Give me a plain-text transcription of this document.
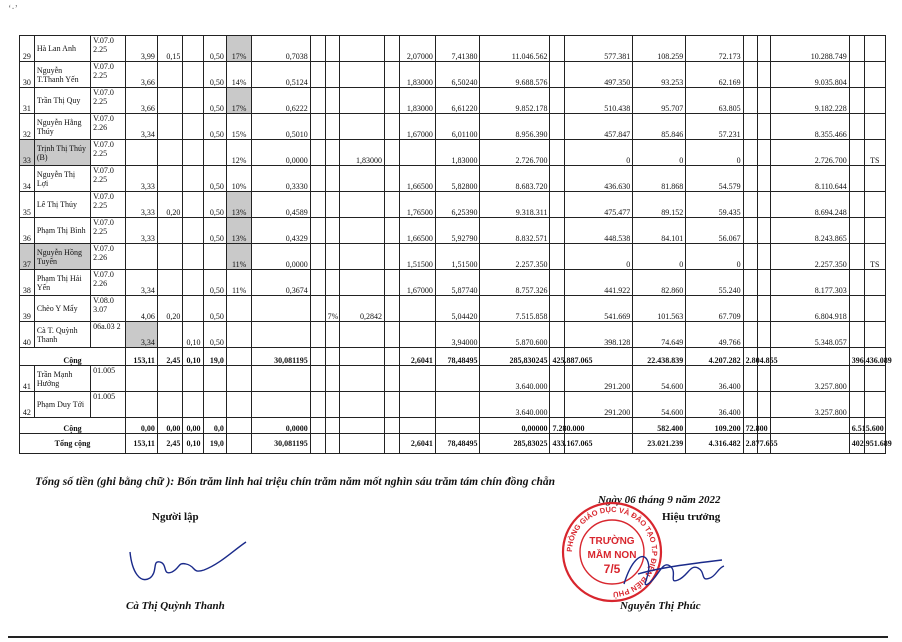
‘·’
29	Hà Lan Anh	V.07.0 2.25	3,99	0,15		0,50	17%	0,7038					2,07000	7,41380	11.046.562		577.381	108.259	72.173			10.288.749		
30	Nguyễn T.Thanh Yến	V.07.0 2.25	3,66			0,50	14%	0,5124					1,83000	6,50240	9.688.576		497.350	93.253	62.169			9.035.804		
31	Trần Thị Quy	V.07.0 2.25	3,66			0,50	17%	0,6222					1,83000	6,61220	9.852.178		510.438	95.707	63.805			9.182.228		
32	Nguyễn Hằng Thúy	V.07.0 2.26	3,34			0,50	15%	0,5010					1,67000	6,01100	8.956.390		457.847	85.846	57.231			8.355.466		
33	Trịnh Thị Thúy (B)	V.07.0 2.25					12%	0,0000			1,83000			1,83000	2.726.700		0	0	0			2.726.700		TS
34	Nguyễn Thị Lợi	V.07.0 2.25	3,33			0,50	10%	0,3330					1,66500	5,82800	8.683.720		436.630	81.868	54.579			8.110.644		
35	Lê Thị Thủy	V.07.0 2.25	3,33	0,20		0,50	13%	0,4589					1,76500	6,25390	9.318.311		475.477	89.152	59.435			8.694.248		
36	Phạm Thị Bình	V.07.0 2.25	3,33			0,50	13%	0,4329					1,66500	5,92790	8.832.571		448.538	84.101	56.067			8.243.865		
37	Nguyễn Hồng Tuyến	V.07.0 2.26					11%	0,0000					1,51500	1,51500	2.257.350		0	0	0			2.257.350		TS
38	Phạm Thị Hải Yến	V.07.0 2.26	3,34			0,50	11%	0,3674					1,67000	5,87740	8.757.326		441.922	82.860	55.240			8.177.303		
39	Chèo Y Mẩy	V.08.0 3.07	4,06	0,20		0,50				7%	0,2842			5,04420	7.515.858		541.669	101.563	67.709			6.804.918		
40	Cà T. Quỳnh Thanh	06a.03 2	3,34		0,10	0,50								3,94000	5.870.600		398.128	74.649	49.766			5.348.057		
Cộng			153,11	2,45	0,10	19,0		30,081195					2,6041	78,48495	285,830245	425.887.065		22.438.839	4.207.282	2.804.855			396.436.089	
41	Trần Mạnh Hưởng	01.005													3.640.000		291.200	54.600	36.400			3.257.800		
42	Phạm Duy Tới	01.005													3.640.000		291.200	54.600	36.400			3.257.800		
Cộng			0,00	0,00	0,00	0,0		0,0000							0,00000	7.280.000		582.400	109.200	72.800			6.515.600	
Tổng cộng			153,11	2,45	0,10	19,0		30,081195					2,6041	78,48495	285,83025	433.167.065		23.021.239	4.316.482	2.877.655			402.951.689	
Tổng số tiền (ghi bằng chữ ): Bốn trăm linh hai triệu chín trăm năm mốt nghìn sáu trăm tám chín đồng chẵn
Ngày 06 tháng 9 năm 2022
Người lập	Hiệu trưởng
PHÒNG GIÁO DỤC VÀ ĐÀO TẠO T.P ĐIỆN BIÊN PHỦ
TRƯỜNG
MẦM NON
7/5
Cà Thị Quỳnh Thanh	Nguyễn Thị Phúc
